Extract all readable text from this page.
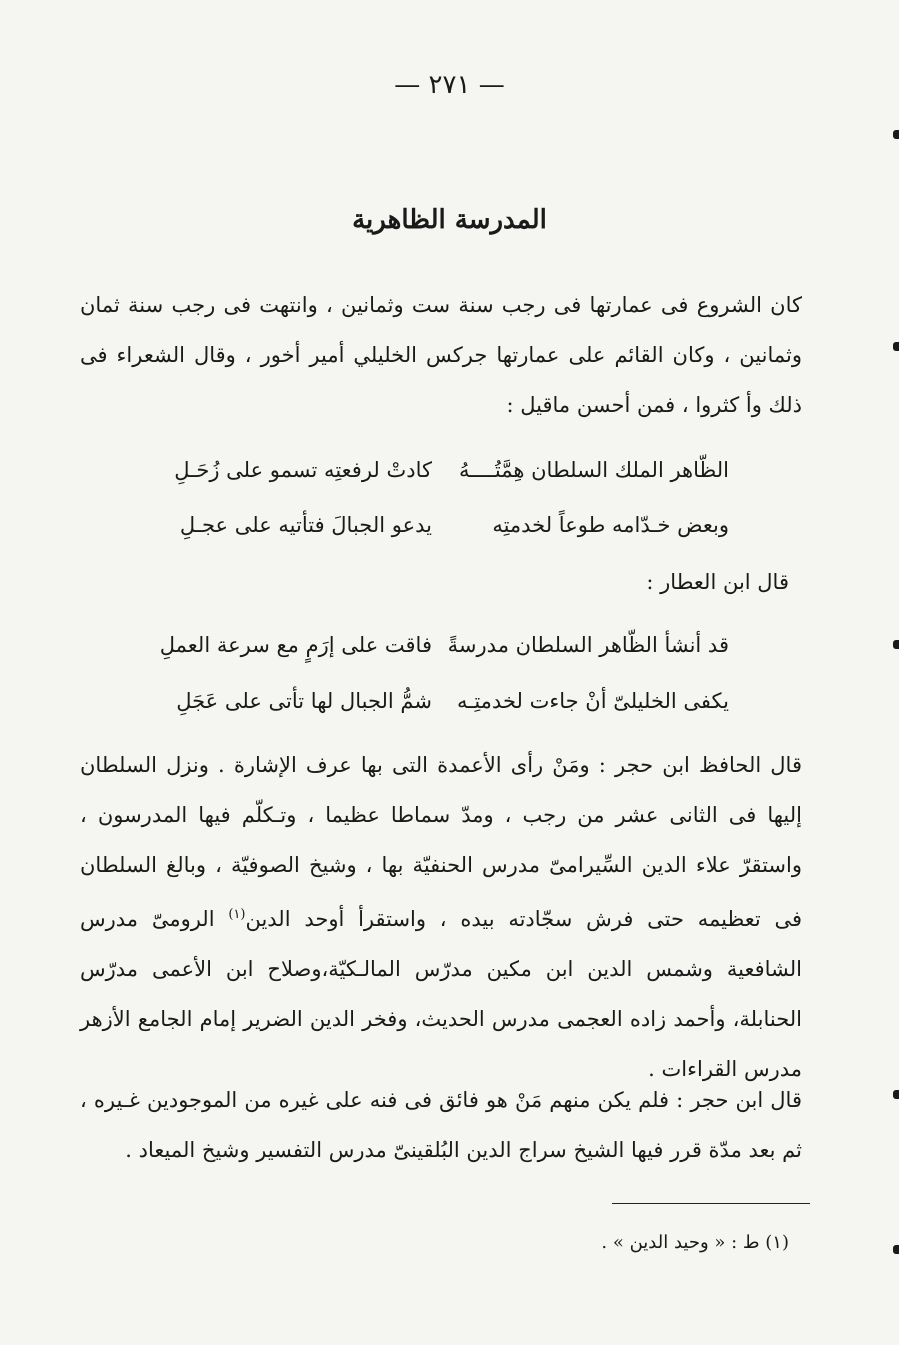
— ٢٧١ —
المدرسة الظاهرية
كان الشروع فى عمارتها فى رجب سنة ست وثمانين ، وانتهت فى رجب سنة ثمان وثمانين ، وكان القائم على عمارتها جركس الخليلي أمير أخور ، وقال الشعراء فى ذلك وأ كثروا ، فمن أحسن ماقيل :
الظّاهر الملك السلطان هِمَّتُــــهُ
كادتْ لرفعتِه تسمو على زُحَـلِ
وبعض خـدّامه طوعاً لخدمتِه
يدعو الجبالَ فتأتيه على عجـلِ
قال ابن العطار :
قد أنشأ الظّاهر السلطان مدرسةً
فاقت على إرَمٍ مع سرعة العملِ
يكفى الخليلىّ أنْ جاءت لخدمتِـه
شمُّ الجبال لها تأتى على عَجَلِ
قال الحافظ ابن حجر : ومَنْ رأى الأعمدة التى بها عرف الإشارة . ونزل السلطان إليها فى الثانى عشر من رجب ، ومدّ سماطا عظيما ، وتـكلّم فيها المدرسون ، واستقرّ علاء الدين السِّيرامىّ مدرس الحنفيّة بها ، وشيخ الصوفيّة ، وبالغ السلطان فى تعظيمه حتى فرش سجّادته بيده ، واستقرأ أوحد الدين$^{(١)}$ الرومىّ مدرس الشافعية وشمس الدين ابن مكين مدرّس المالـكيّة،وصلاح ابن الأعمى مدرّس الحنابلة، وأحمد زاده العجمى مدرس الحديث، وفخر الدين الضرير إمام الجامع الأزهر مدرس القراءات .
قال ابن حجر : فلم يكن منهم مَنْ هو فائق فى فنه على غيره من الموجودين غـيره ، ثم بعد مدّة قرر فيها الشيخ سراج الدين البُلقينىّ مدرس التفسير وشيخ الميعاد .
(١) ط : « وحيد الدين » .
